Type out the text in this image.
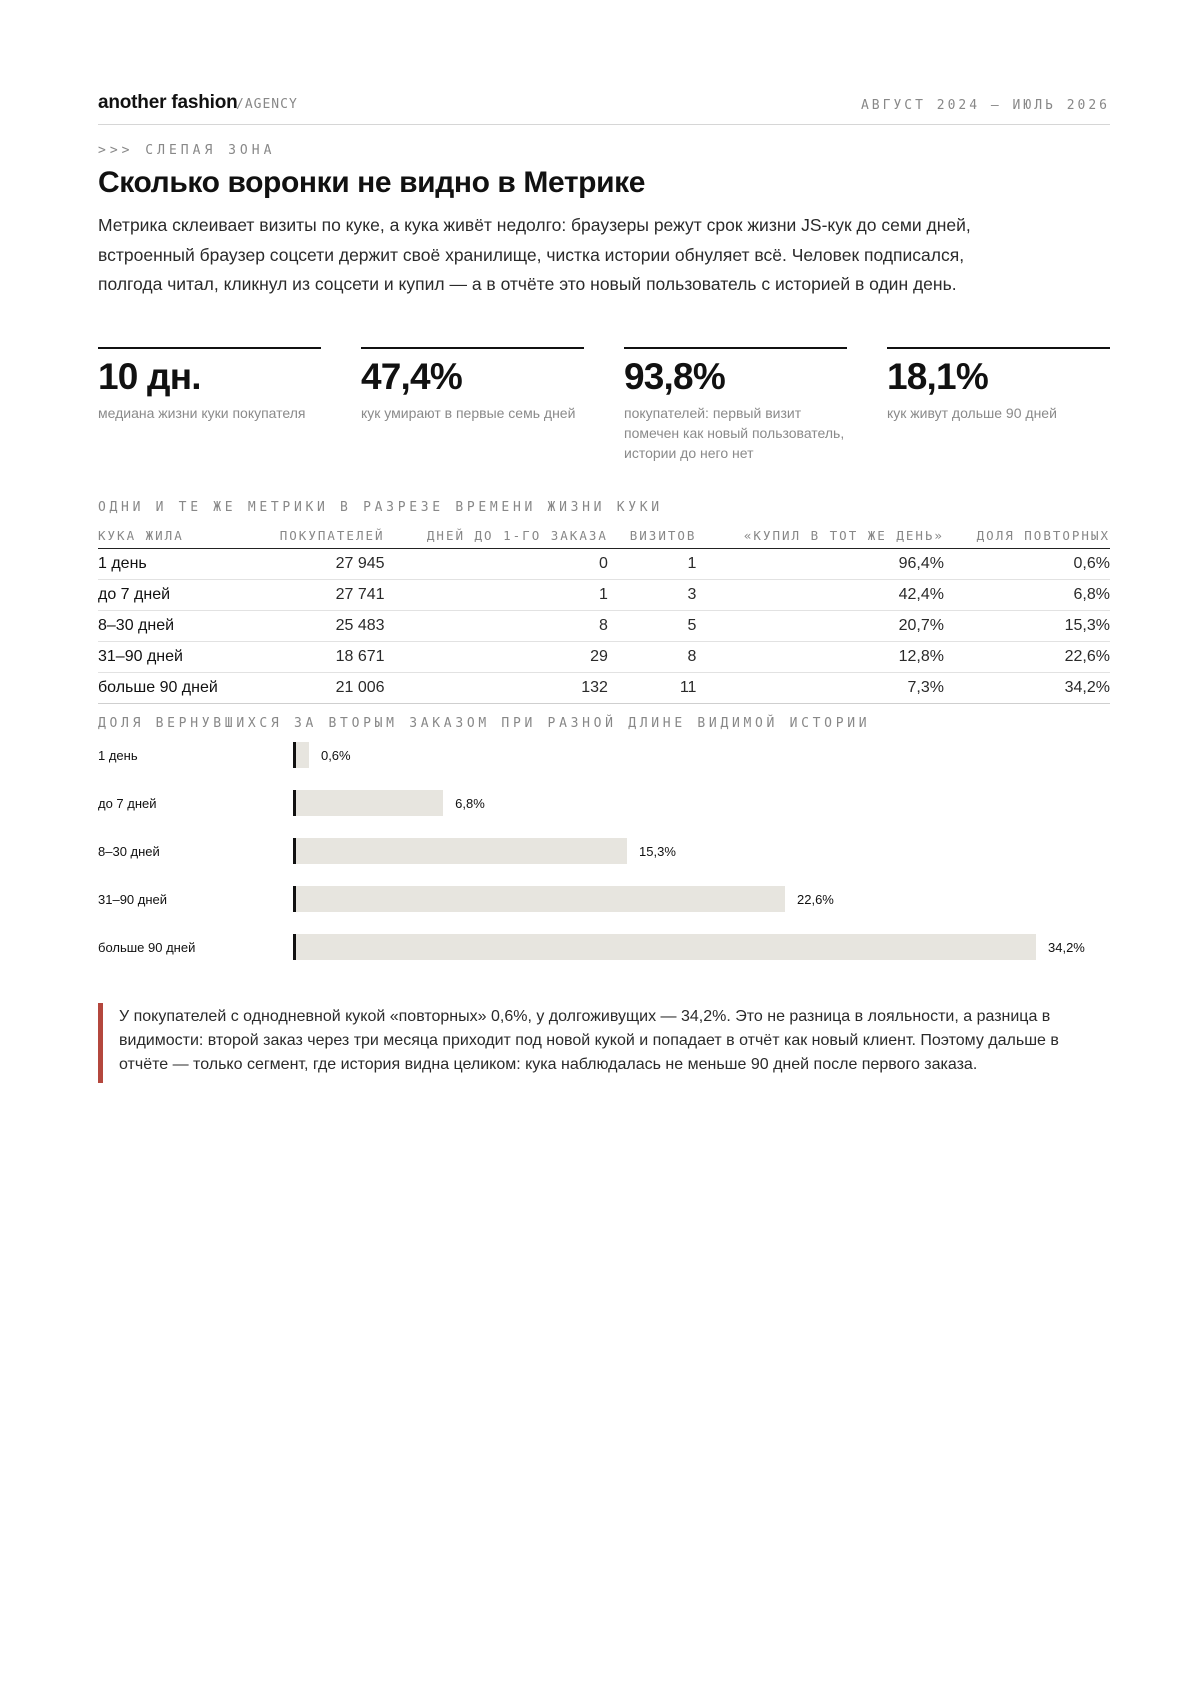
another fashion
/AGENCY	АВГУСТ 2024 — ИЮЛЬ 2026
>>> СЛЕПАЯ ЗОНА
Сколько воронки не видно в Метрике

Метрика склеивает визиты по куке, а кука живёт недолго: браузеры режут срок жизни JS-кук до семи дней, встроенный браузер соцсети держит своё хранилище, чистка истории обнуляет всё. Человек подписался, полгода читал, кликнул из соцсети и купил — а в отчёте это новый пользователь с историей в один день.

10 дн.
медиана жизни куки покупателя
47,4%
кук умирают в первые семь дней
93,8%
покупателей: первый визит помечен как новый пользователь, истории до него нет
18,1%
кук живут дольше 90 дней
ОДНИ И ТЕ ЖЕ МЕТРИКИ В РАЗРЕЗЕ ВРЕМЕНИ ЖИЗНИ КУКИ
КУКА ЖИЛА	ПОКУПАТЕЛЕЙ	ДНЕЙ ДО 1-ГО ЗАКАЗА	ВИЗИТОВ	«КУПИЛ В ТОТ ЖЕ ДЕНЬ»	ДОЛЯ ПОВТОРНЫХ
1 день	27 945	0	1	96,4%	0,6%
до 7 дней	27 741	1	3	42,4%	6,8%
8–30 дней	25 483	8	5	20,7%	15,3%
31–90 дней	18 671	29	8	12,8%	22,6%
больше 90 дней	21 006	132	11	7,3%	34,2%
ДОЛЯ ВЕРНУВШИХСЯ ЗА ВТОРЫМ ЗАКАЗОМ ПРИ РАЗНОЙ ДЛИНЕ ВИДИМОЙ ИСТОРИИ
1 день	0,6%
до 7 дней	6,8%
8–30 дней	15,3%
31–90 дней	22,6%
больше 90 дней	34,2%

У покупателей с однодневной кукой «повторных» 0,6%, у долгоживущих — 34,2%. Это не разница в лояльности, а разница в видимости: второй заказ через три месяца приходит под новой кукой и попадает в отчёт как новый клиент. Поэтому дальше в отчёте — только сегмент, где история видна целиком: кука наблюдалась не меньше 90 дней после первого заказа.
